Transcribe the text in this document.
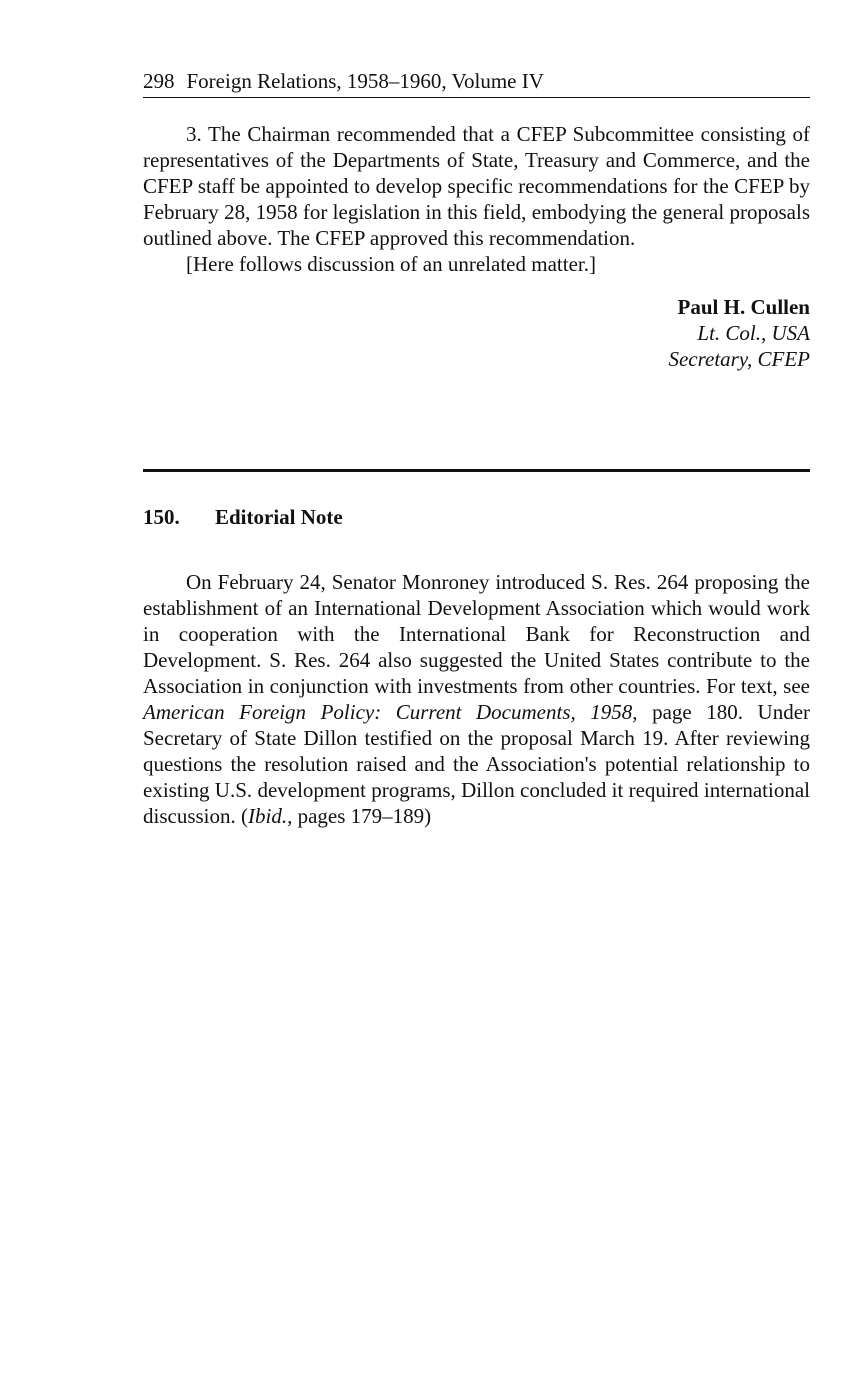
298 Foreign Relations, 1958–1960, Volume IV

3. The Chairman recommended that a CFEP Subcommittee consisting of representatives of the Departments of State, Treasury and Commerce, and the CFEP staff be appointed to develop specific recommendations for the CFEP by February 28, 1958 for legislation in this field, embodying the general proposals outlined above. The CFEP approved this recommendation.

[Here follows discussion of an unrelated matter.]

Paul H. Cullen
Lt. Col., USA
Secretary, CFEP
150. Editorial Note

On February 24, Senator Monroney introduced S. Res. 264 proposing the establishment of an International Development Association which would work in cooperation with the International Bank for Reconstruction and Development. S. Res. 264 also suggested the United States contribute to the Association in conjunction with investments from other countries. For text, see American Foreign Policy: Current Documents, 1958, page 180. Under Secretary of State Dillon testified on the proposal March 19. After reviewing questions the resolution raised and the Association's potential relationship to existing U.S. development programs, Dillon concluded it required international discussion. (Ibid., pages 179–189)
